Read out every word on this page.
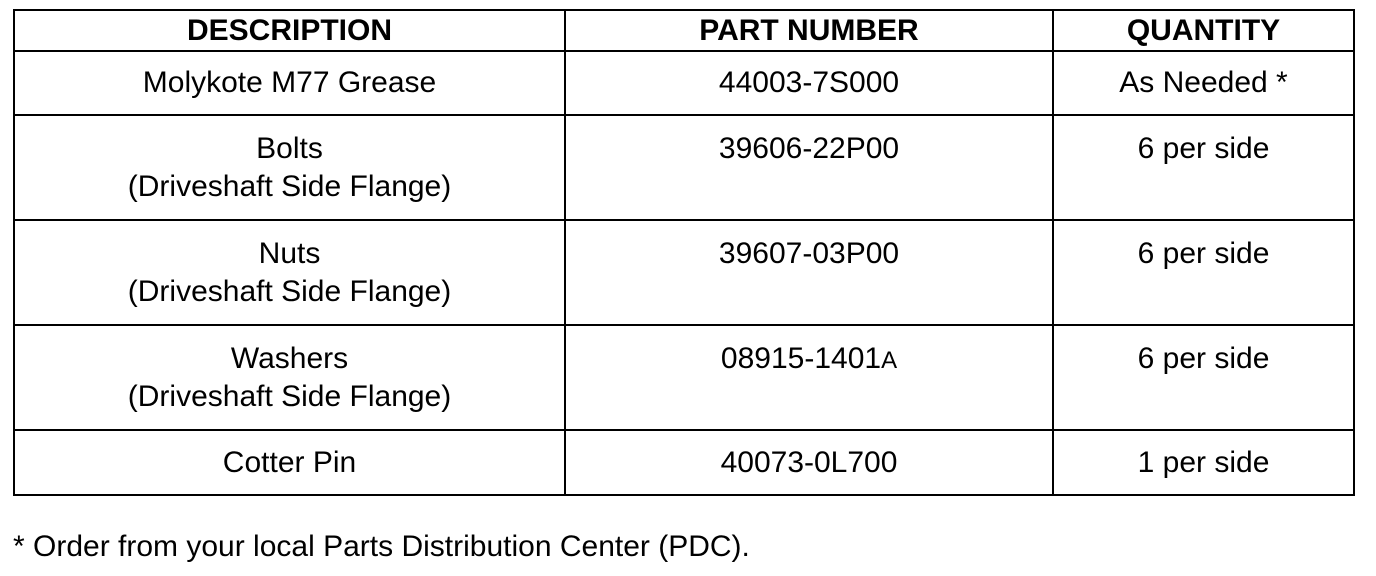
DESCRIPTION	PART NUMBER	QUANTITY

Molykote M77 Grease	44003-7S000	As Needed *

Bolts
(Driveshaft Side Flange)	39606-22P00	6 per side

Nuts
(Driveshaft Side Flange)	39607-03P00	6 per side

Washers
(Driveshaft Side Flange)	08915-1401A	6 per side

Cotter Pin	40073-0L700	1 per side
* Order from your local Parts Distribution Center (PDC).
